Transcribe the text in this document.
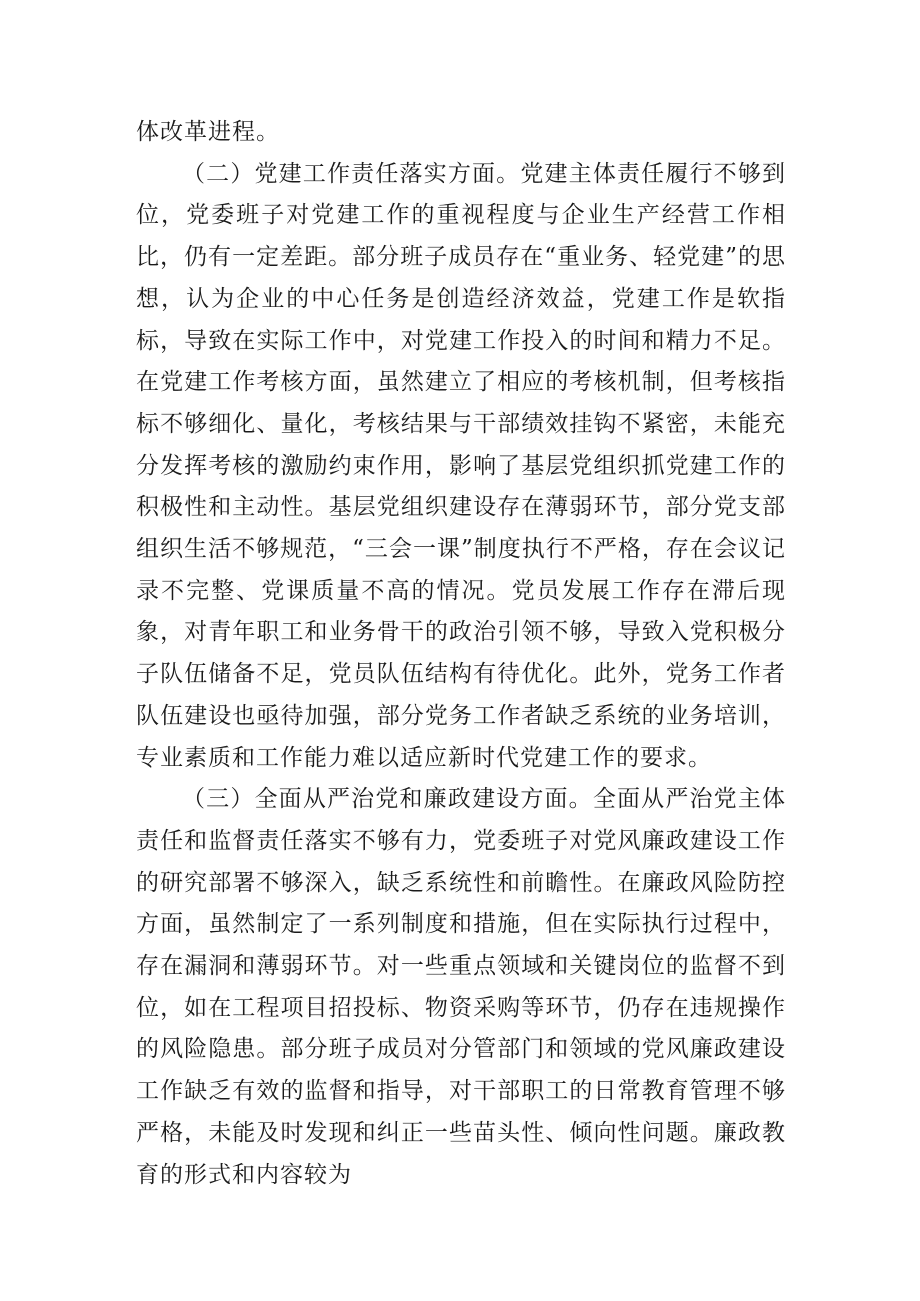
体改革进程。

（二）党建工作责任落实方面。党建主体责任履行不够到位，党委班子对党建工作的重视程度与企业生产经营工作相比，仍有一定差距。部分班子成员存在“重业务、轻党建”的思想，认为企业的中心任务是创造经济效益，党建工作是软指标，导致在实际工作中，对党建工作投入的时间和精力不足。在党建工作考核方面，虽然建立了相应的考核机制，但考核指标不够细化、量化，考核结果与干部绩效挂钩不紧密，未能充分发挥考核的激励约束作用，影响了基层党组织抓党建工作的积极性和主动性。基层党组织建设存在薄弱环节，部分党支部组织生活不够规范，“三会一课”制度执行不严格，存在会议记录不完整、党课质量不高的情况。党员发展工作存在滞后现象，对青年职工和业务骨干的政治引领不够，导致入党积极分子队伍储备不足，党员队伍结构有待优化。此外，党务工作者队伍建设也亟待加强，部分党务工作者缺乏系统的业务培训，专业素质和工作能力难以适应新时代党建工作的要求。

（三）全面从严治党和廉政建设方面。全面从严治党主体责任和监督责任落实不够有力，党委班子对党风廉政建设工作的研究部署不够深入，缺乏系统性和前瞻性。在廉政风险防控方面，虽然制定了一系列制度和措施，但在实际执行过程中，存在漏洞和薄弱环节。对一些重点领域和关键岗位的监督不到位，如在工程项目招投标、物资采购等环节，仍存在违规操作的风险隐患。部分班子成员对分管部门和领域的党风廉政建设工作缺乏有效的监督和指导，对干部职工的日常教育管理不够严格，未能及时发现和纠正一些苗头性、倾向性问题。廉政教育的形式和内容较为
